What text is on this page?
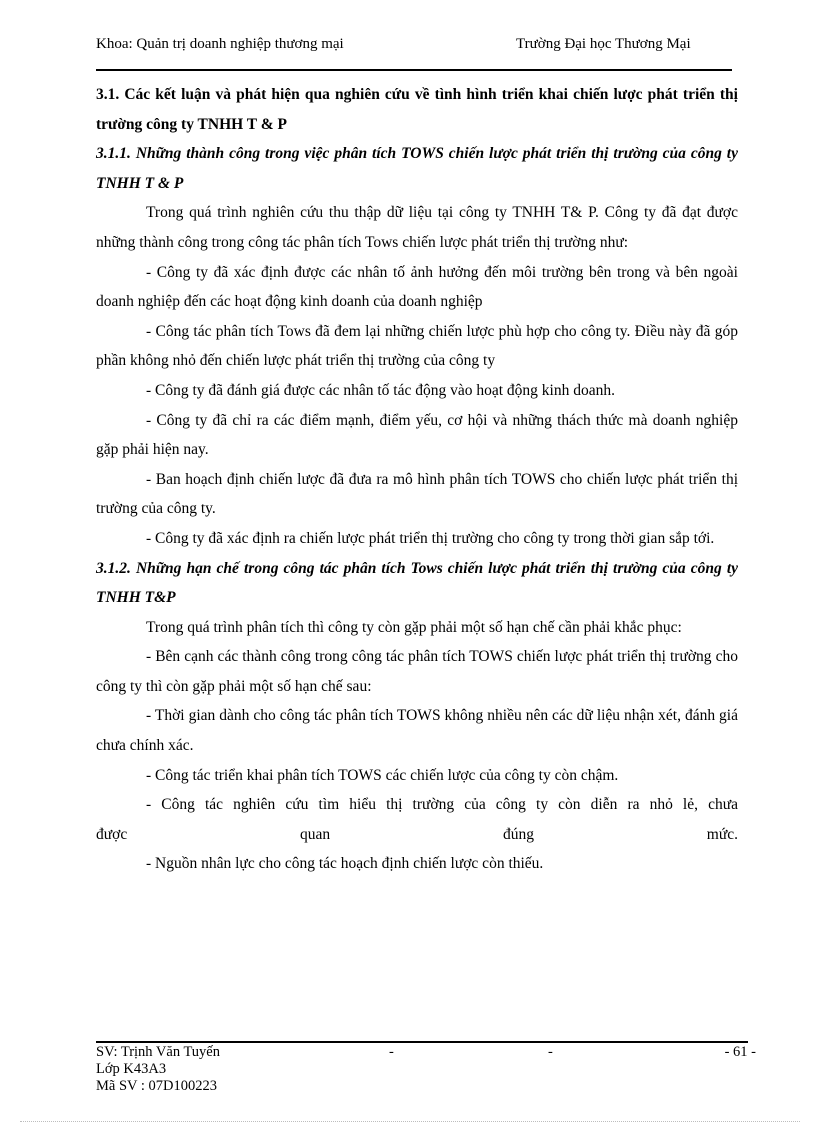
Khoa: Quản trị doanh nghiệp thương mại	Trường Đại học Thương Mại

3.1. Các kết luận và phát hiện qua nghiên cứu về tình hình triển khai chiến lược phát triển thị trường công ty TNHH T & P

3.1.1. Những thành công trong việc phân tích TOWS chiến lược phát triển thị trường của công ty TNHH T & P

Trong quá trình nghiên cứu thu thập dữ liệu tại công ty TNHH T& P. Công ty đã đạt được những thành công trong công tác phân tích Tows chiến lược phát triển thị trường như:

- Công ty đã xác định được các nhân tố ảnh hưởng đến môi trường bên trong và bên ngoài doanh nghiệp đến các hoạt động kinh doanh của doanh nghiệp

- Công tác phân tích Tows đã đem lại những chiến lược phù hợp cho công ty. Điều này đã góp phần không nhỏ đến chiến lược phát triển thị trường của công ty

- Công ty đã đánh giá được các nhân tố tác động vào hoạt động kinh doanh.

- Công ty đã chỉ ra các điểm mạnh, điểm yếu, cơ hội và những thách thức mà doanh nghiệp gặp phải hiện nay.

- Ban hoạch định chiến lược đã đưa ra mô hình phân tích TOWS cho chiến lược phát triển thị trường của công ty.

- Công ty đã xác định ra chiến lược phát triển thị trường cho công ty trong thời gian sắp tới.

3.1.2. Những hạn chế trong công tác phân tích Tows chiến lược phát triển thị trường của công ty TNHH T&P

Trong quá trình phân tích thì công ty còn gặp phải một số hạn chế cần phải khắc phục:

- Bên cạnh các thành công trong công tác phân tích TOWS chiến lược phát triển thị trường cho công ty thì còn gặp phải một số hạn chế sau:

- Thời gian dành cho công tác phân tích TOWS không nhiều nên các dữ liệu nhận xét, đánh giá chưa chính xác.

- Công tác triển khai phân tích TOWS các chiến lược của công ty còn chậm.

- Công tác nghiên cứu tìm hiểu thị trường của công ty còn diễn ra nhỏ lẻ, chưa

được quan đúng mức.

- Nguồn nhân lực cho công tác hoạch định chiến lược còn thiếu.

SV: Trịnh Văn Tuyến	-	-	- 61 -
Lớp K43A3
Mã SV : 07D100223
